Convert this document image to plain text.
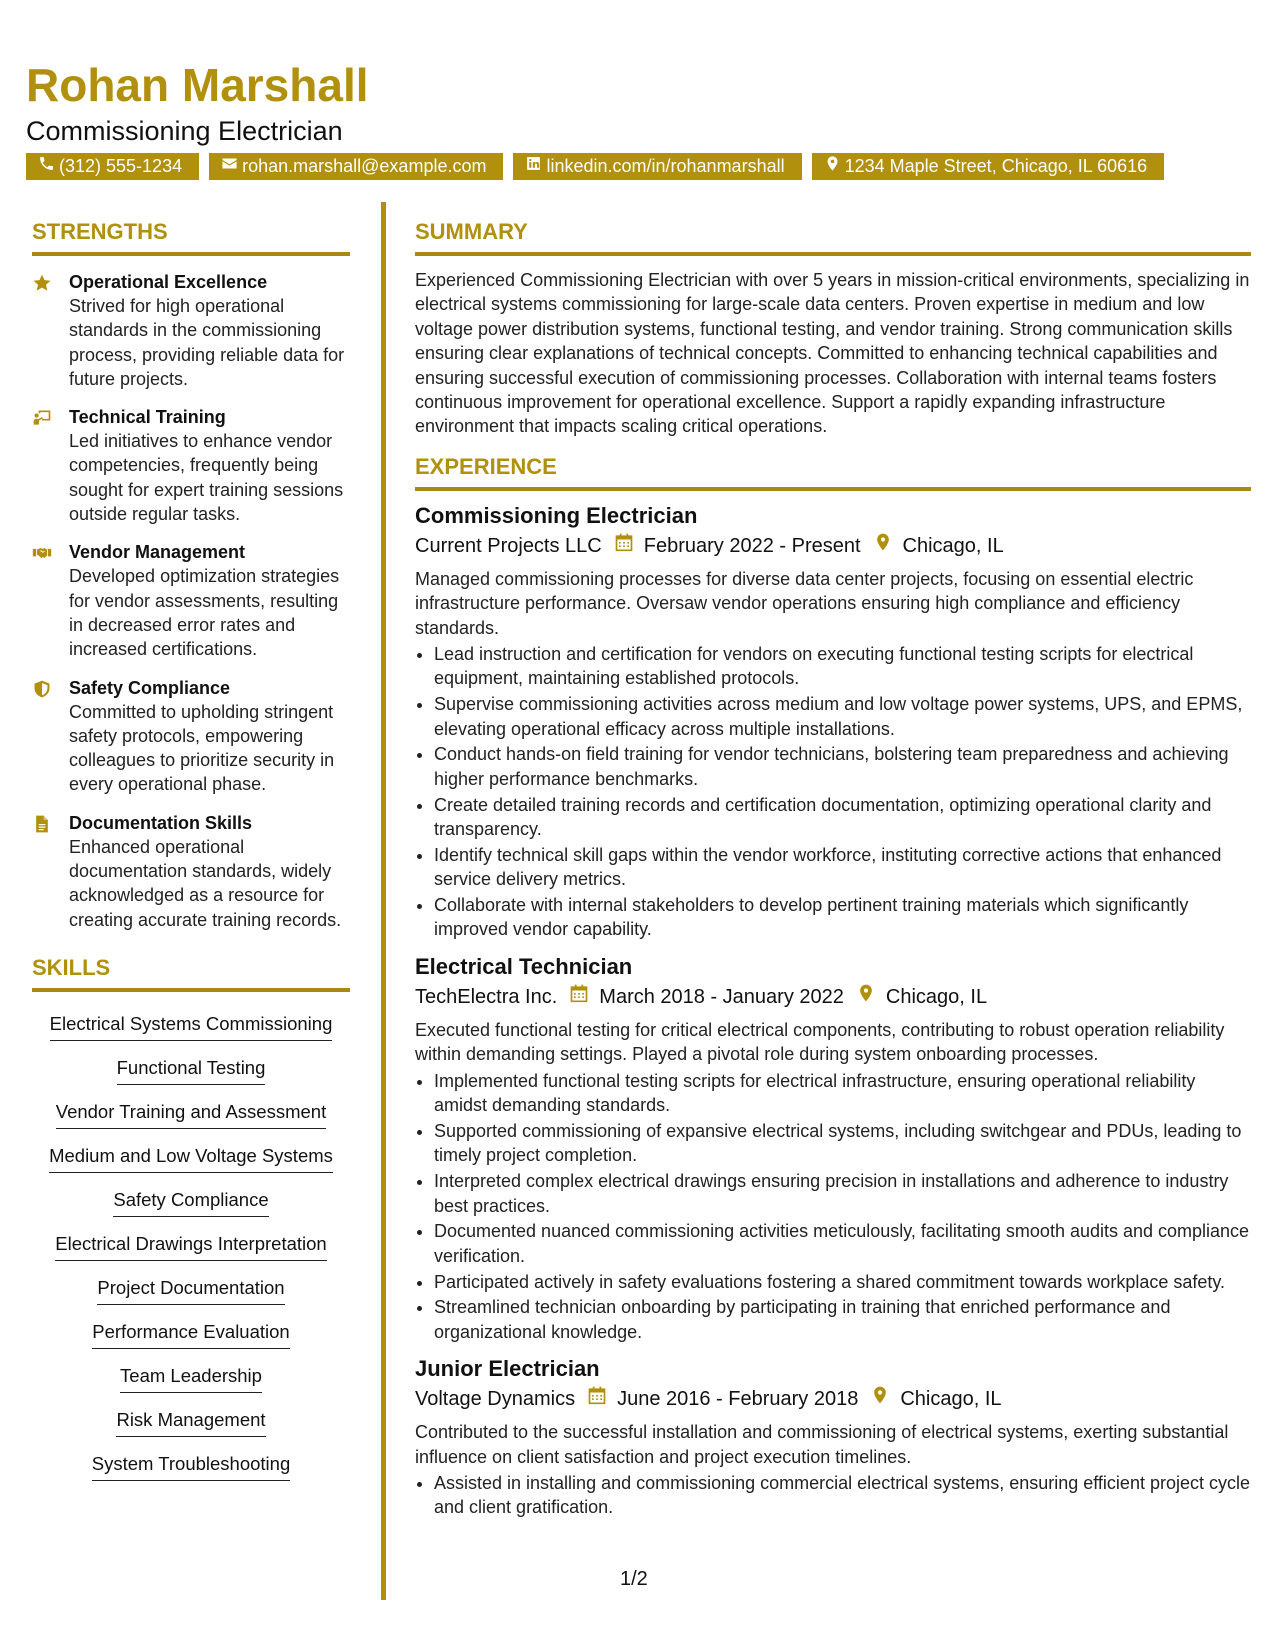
Rohan Marshall
Commissioning Electrician
(312) 555-1234	rohan.marshall@example.com	linkedin.com/in/rohanmarshall	1234 Maple Street, Chicago, IL 60616
STRENGTHS
Operational Excellence
Strived for high operational standards in the commissioning process, providing reliable data for future projects.
Technical Training
Led initiatives to enhance vendor competencies, frequently being sought for expert training sessions outside regular tasks.
Vendor Management
Developed optimization strategies for vendor assessments, resulting in decreased error rates and increased certifications.
Safety Compliance
Committed to upholding stringent safety protocols, empowering colleagues to prioritize security in every operational phase.
Documentation Skills
Enhanced operational documentation standards, widely acknowledged as a resource for creating accurate training records.
SKILLS
Electrical Systems Commissioning
Functional Testing
Vendor Training and Assessment
Medium and Low Voltage Systems
Safety Compliance
Electrical Drawings Interpretation
Project Documentation
Performance Evaluation
Team Leadership
Risk Management
System Troubleshooting
SUMMARY
Experienced Commissioning Electrician with over 5 years in mission-critical environments, specializing in electrical systems commissioning for large-scale data centers. Proven expertise in medium and low voltage power distribution systems, functional testing, and vendor training. Strong communication skills ensuring clear explanations of technical concepts. Committed to enhancing technical capabilities and ensuring successful execution of commissioning processes. Collaboration with internal teams fosters continuous improvement for operational excellence. Support a rapidly expanding infrastructure environment that impacts scaling critical operations.
EXPERIENCE
Commissioning Electrician
Current Projects LLC February 2022 - Present Chicago, IL
Managed commissioning processes for diverse data center projects, focusing on essential electric infrastructure performance. Oversaw vendor operations ensuring high compliance and efficiency standards.
• Lead instruction and certification for vendors on executing functional testing scripts for electrical equipment, maintaining established protocols.
• Supervise commissioning activities across medium and low voltage power systems, UPS, and EPMS, elevating operational efficacy across multiple installations.
• Conduct hands-on field training for vendor technicians, bolstering team preparedness and achieving higher performance benchmarks.
• Create detailed training records and certification documentation, optimizing operational clarity and transparency.
• Identify technical skill gaps within the vendor workforce, instituting corrective actions that enhanced service delivery metrics.
• Collaborate with internal stakeholders to develop pertinent training materials which significantly improved vendor capability.
Electrical Technician
TechElectra Inc. March 2018 - January 2022 Chicago, IL
Executed functional testing for critical electrical components, contributing to robust operation reliability within demanding settings. Played a pivotal role during system onboarding processes.
• Implemented functional testing scripts for electrical infrastructure, ensuring operational reliability amidst demanding standards.
• Supported commissioning of expansive electrical systems, including switchgear and PDUs, leading to timely project completion.
• Interpreted complex electrical drawings ensuring precision in installations and adherence to industry best practices.
• Documented nuanced commissioning activities meticulously, facilitating smooth audits and compliance verification.
• Participated actively in safety evaluations fostering a shared commitment towards workplace safety.
• Streamlined technician onboarding by participating in training that enriched performance and organizational knowledge.
Junior Electrician
Voltage Dynamics June 2016 - February 2018 Chicago, IL
Contributed to the successful installation and commissioning of electrical systems, exerting substantial influence on client satisfaction and project execution timelines.
• Assisted in installing and commissioning commercial electrical systems, ensuring efficient project cycle and client gratification.
1/2
